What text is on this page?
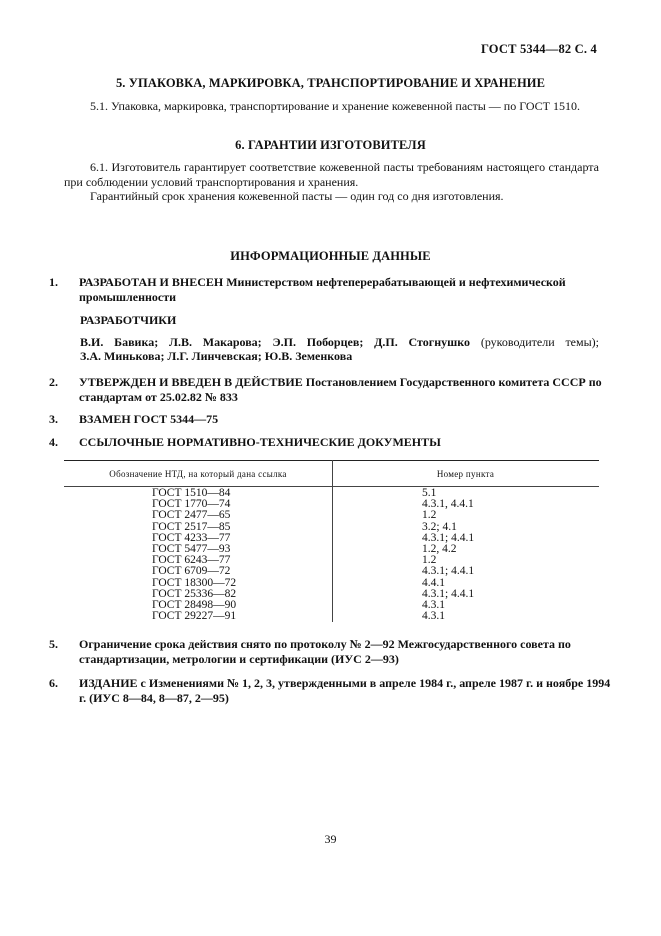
ГОСТ 5344—82 С. 4
5. УПАКОВКА, МАРКИРОВКА, ТРАНСПОРТИРОВАНИЕ И ХРАНЕНИЕ

5.1. Упаковка, маркировка, транспортирование и хранение кожевенной пасты — по ГОСТ 1510.

6. ГАРАНТИИ ИЗГОТОВИТЕЛЯ

6.1. Изготовитель гарантирует соответствие кожевенной пасты требованиям настоящего стандарта при соблюдении условий транспортирования и хранения.

Гарантийный срок хранения кожевенной пасты — один год со дня изготовления.

ИНФОРМАЦИОННЫЕ ДАННЫЕ
1. РАЗРАБОТАН И ВНЕСЕН Министерством нефтеперерабатывающей и нефтехимической промышленности
РАЗРАБОТЧИКИ
В.И. Бавика; Л.В. Макарова; Э.П. Поборцев; Д.П. Стогнушко (руководители темы);
З.А. Минькова; Л.Г. Линчевская; Ю.В. Земенкова
2. УТВЕРЖДЕН И ВВЕДЕН В ДЕЙСТВИЕ Постановлением Государственного комитета СССР по стандартам от 25.02.82 № 833
3. ВЗАМЕН ГОСТ 5344—75
4. ССЫЛОЧНЫЕ НОРМАТИВНО-ТЕХНИЧЕСКИЕ ДОКУМЕНТЫ
Обозначение НТД, на который дана ссылка	Номер пункта
ГОСТ 1510—84
ГОСТ 1770—74
ГОСТ 2477—65
ГОСТ 2517—85
ГОСТ 4233—77
ГОСТ 5477—93
ГОСТ 6243—77
ГОСТ 6709—72
ГОСТ 18300—72
ГОСТ 25336—82
ГОСТ 28498—90
ГОСТ 29227—91
5.1
4.3.1, 4.4.1
1.2
3.2; 4.1
4.3.1; 4.4.1
1.2, 4.2
1.2
4.3.1; 4.4.1
4.4.1
4.3.1; 4.4.1
4.3.1
4.3.1
5. Ограничение срока действия снято по протоколу № 2—92 Межгосударственного совета по стандартизации, метрологии и сертификации (ИУС 2—93)
6. ИЗДАНИЕ с Изменениями № 1, 2, 3, утвержденными в апреле 1984 г., апреле 1987 г. и ноябре 1994 г. (ИУС 8—84, 8—87, 2—95)
39
